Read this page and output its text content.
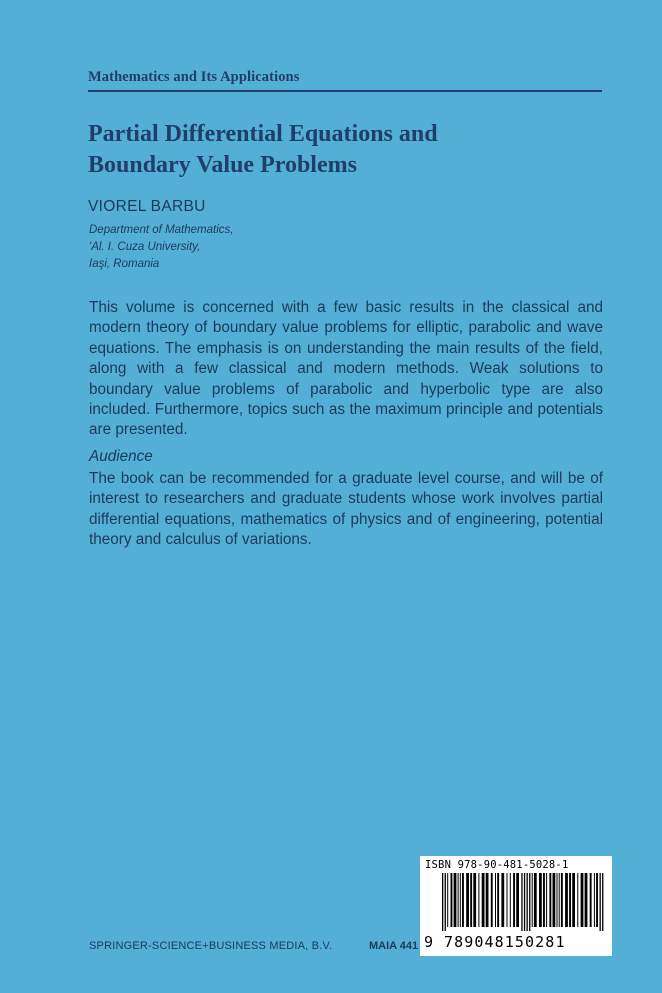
Mathematics and Its Applications
Partial Differential Equations and
Boundary Value Problems
VIOREL BARBU
Department of Mathematics,
'Al. I. Cuza University,
Iaşi, Romania
This volume is concerned with a few basic results in the classical and modern theory of boundary value problems for elliptic, parabolic and wave equations. The emphasis is on understanding the main results of the field, along with a few classical and modern methods. Weak solutions to boundary value problems of parabolic and hyperbolic type are also included. Furthermore, topics such as the maximum principle and potentials are presented.
Audience
The book can be recommended for a graduate level course, and will be of interest to researchers and graduate students whose work involves partial differential equations, mathematics of physics and of engineering, potential theory and calculus of variations.
SPRINGER-SCIENCE+BUSINESS MEDIA, B.V.	MAIA 441
ISBN 978-90-481-5028-1
9 789048150281
